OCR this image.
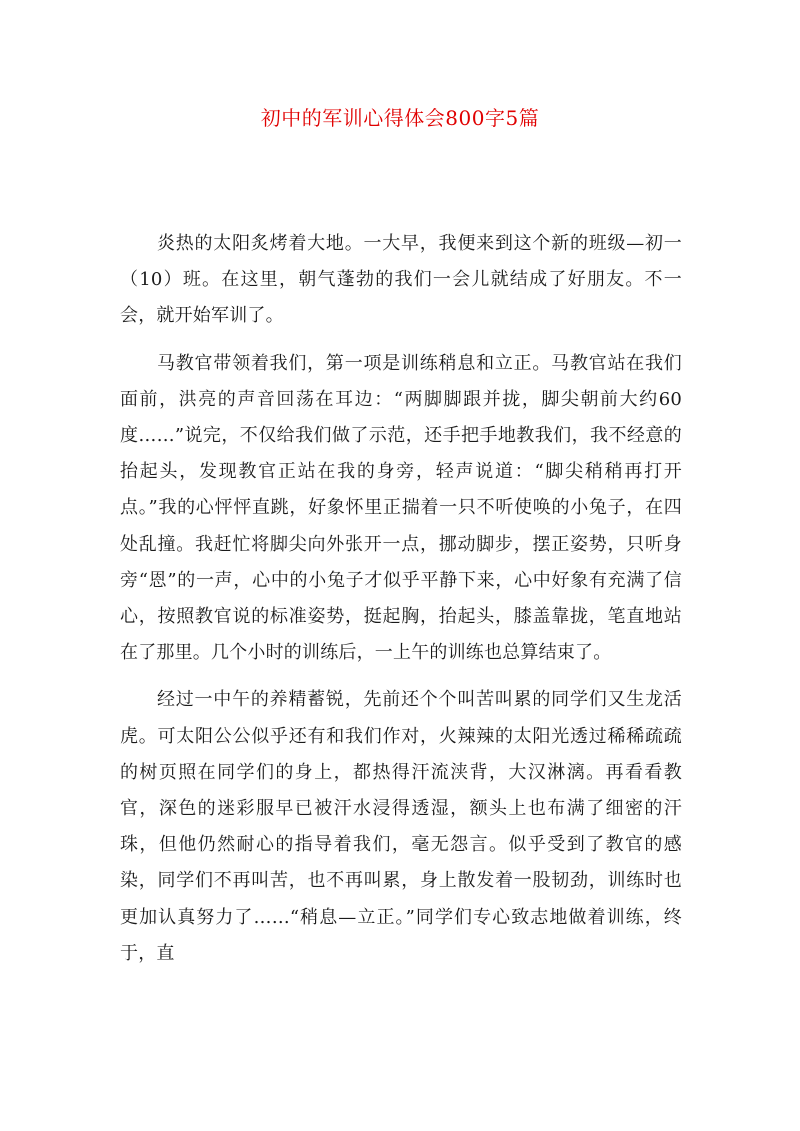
初中的军训心得体会800字5篇

炎热的太阳炙烤着大地。一大早，我便来到这个新的班级—初一（10）班。在这里，朝气蓬勃的我们一会儿就结成了好朋友。不一会，就开始军训了。

马教官带领着我们，第一项是训练稍息和立正。马教官站在我们面前，洪亮的声音回荡在耳边：“两脚脚跟并拢，脚尖朝前大约60度……”说完，不仅给我们做了示范，还手把手地教我们，我不经意的抬起头，发现教官正站在我的身旁，轻声说道：“脚尖稍稍再打开点。”我的心怦怦直跳，好象怀里正揣着一只不听使唤的小兔子，在四处乱撞。我赶忙将脚尖向外张开一点，挪动脚步，摆正姿势，只听身旁“恩”的一声，心中的小兔子才似乎平静下来，心中好象有充满了信心，按照教官说的标准姿势，挺起胸，抬起头，膝盖靠拢，笔直地站在了那里。几个小时的训练后，一上午的训练也总算结束了。

经过一中午的养精蓄锐，先前还个个叫苦叫累的同学们又生龙活虎。可太阳公公似乎还有和我们作对，火辣辣的太阳光透过稀稀疏疏的树页照在同学们的身上，都热得汗流浃背，大汉淋漓。再看看教官，深色的迷彩服早已被汗水浸得透湿，额头上也布满了细密的汗珠，但他仍然耐心的指导着我们，毫无怨言。似乎受到了教官的感染，同学们不再叫苦，也不再叫累，身上散发着一股韧劲，训练时也更加认真努力了……“稍息—立正。”同学们专心致志地做着训练，终于，直
